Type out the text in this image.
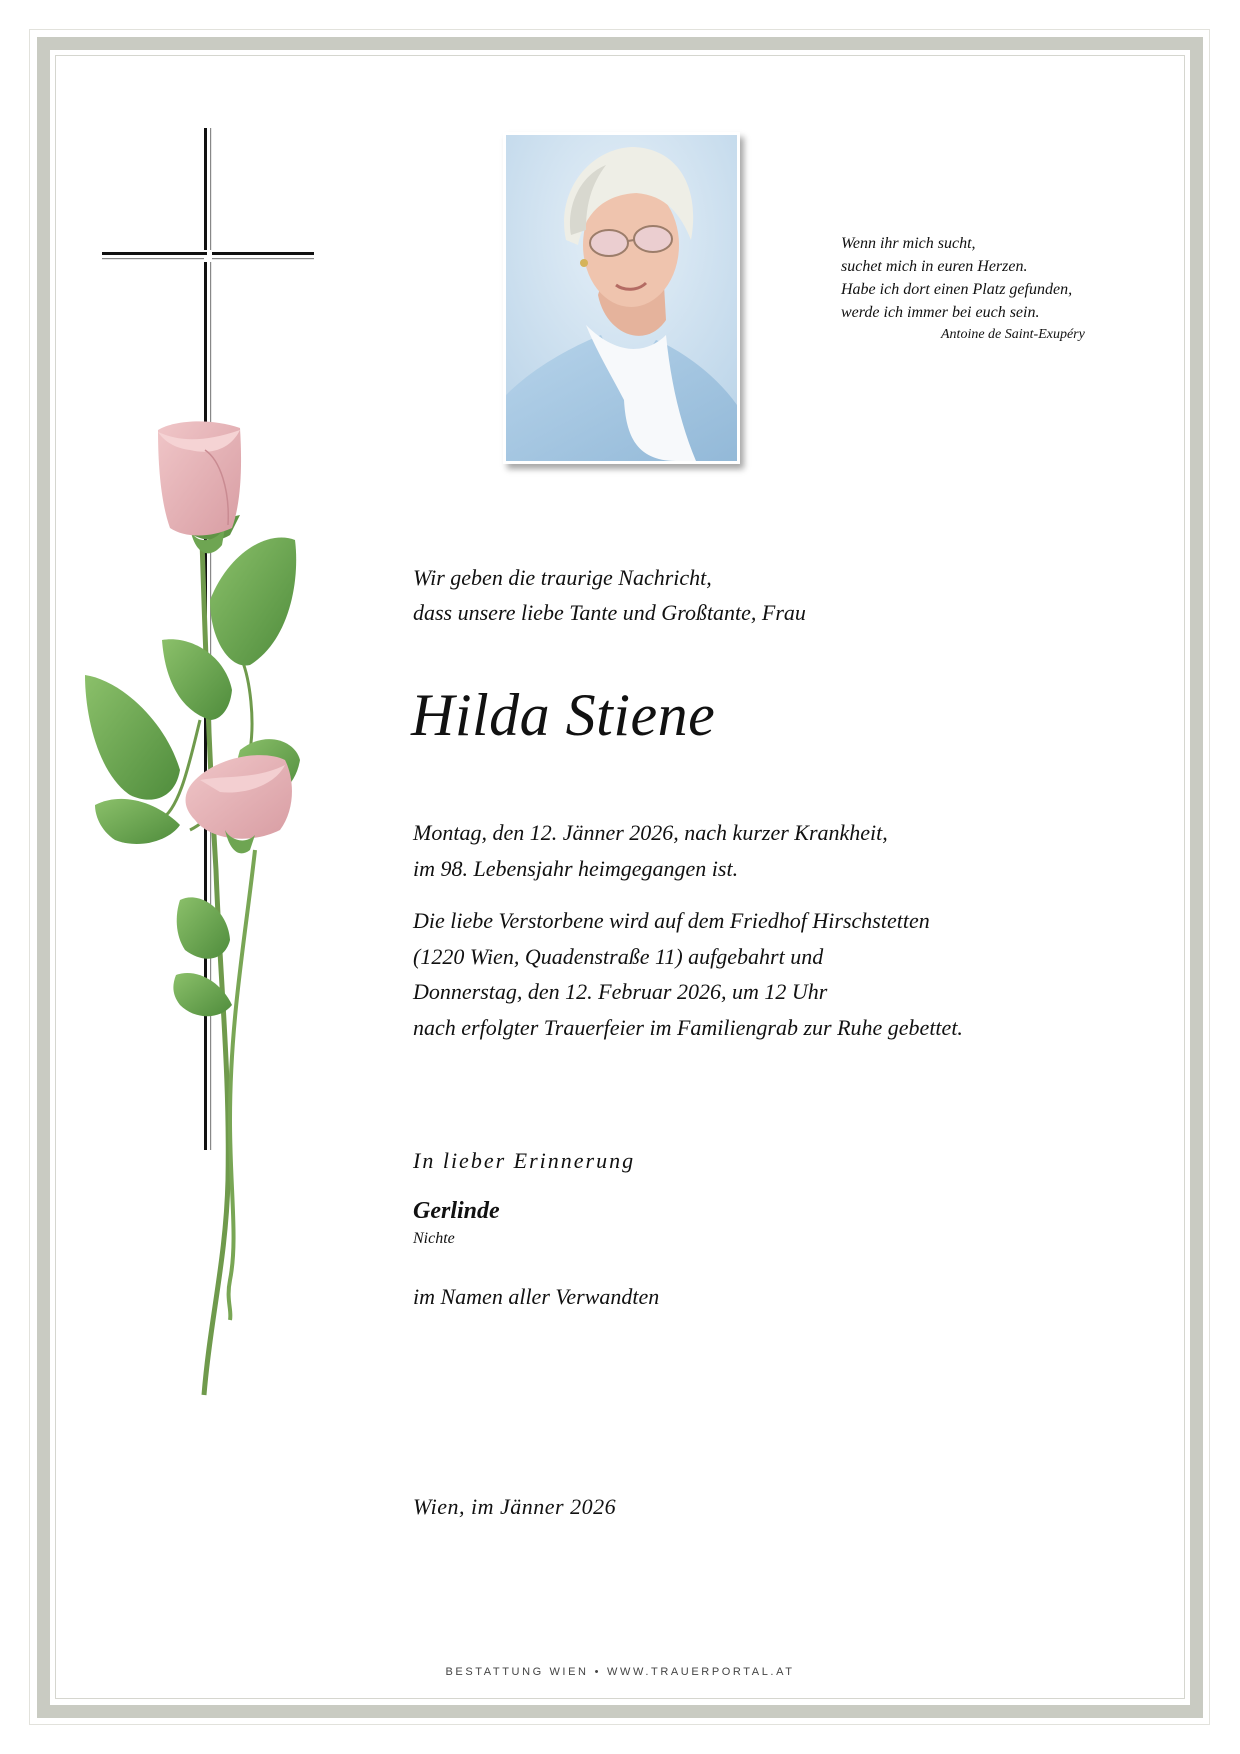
Wenn ihr mich sucht,
suchet mich in euren Herzen.
Habe ich dort einen Platz gefunden,
werde ich immer bei euch sein.
Antoine de Saint-Exupéry
Wir geben die traurige Nachricht,
dass unsere liebe Tante und Großtante, Frau
Hilda Stiene
Montag, den 12. Jänner 2026, nach kurzer Krankheit,
im 98. Lebensjahr heimgegangen ist.
Die liebe Verstorbene wird auf dem Friedhof Hirschstetten
(1220 Wien, Quadenstraße 11) aufgebahrt und
Donnerstag, den 12. Februar 2026, um 12 Uhr
nach erfolgter Trauerfeier im Familiengrab zur Ruhe gebettet.
In lieber Erinnerung
Gerlinde
Nichte
im Namen aller Verwandten
Wien, im Jänner 2026
BESTATTUNG WIEN • WWW.TRAUERPORTAL.AT
